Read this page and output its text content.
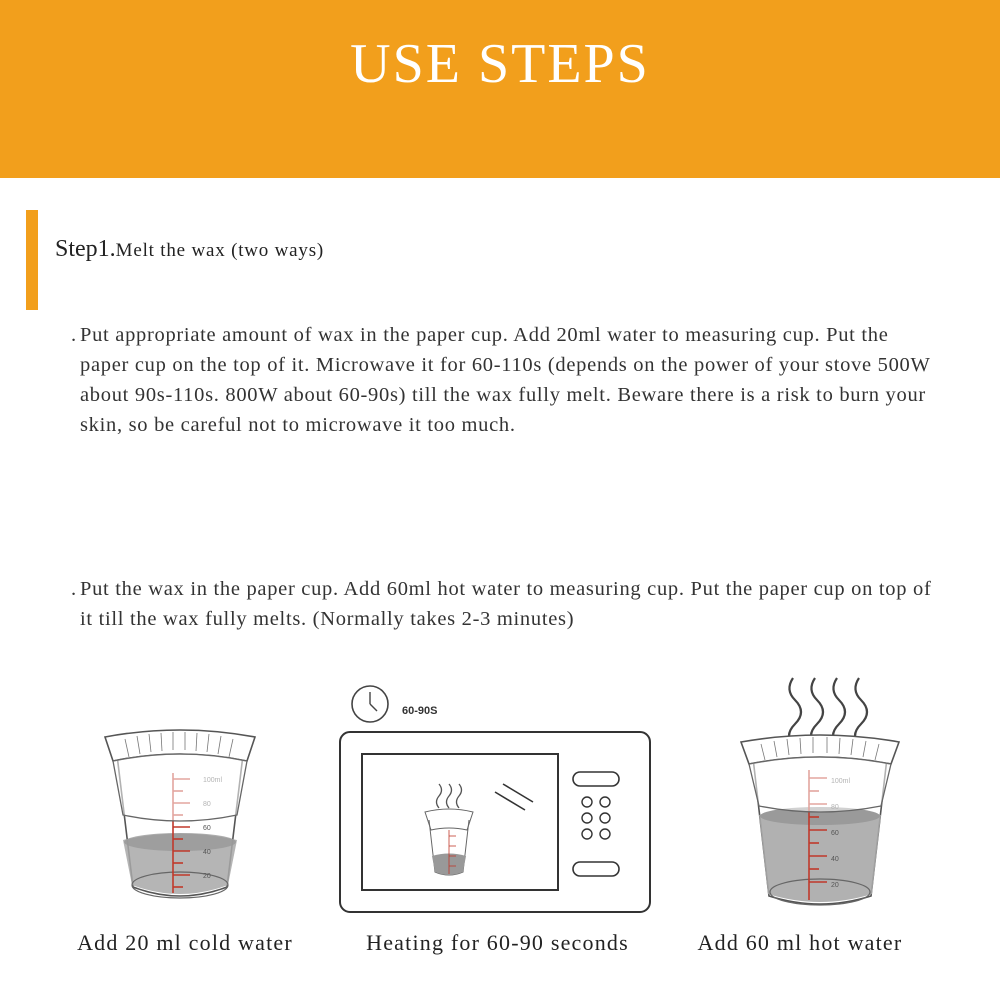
USE STEPS
Step1.Melt the wax (two ways)
. Put appropriate amount of wax in the paper cup. Add 20ml water to measuring cup. Put the paper cup on the top of it. Microwave it for 60-110s (depends on the power of your stove 500W about 90s-110s. 800W about 60-90s) till the wax fully melt. Beware there is a risk to burn your skin, so be careful not to microwave it too much.
. Put the wax in the paper cup. Add 60ml hot water to measuring cup. Put the paper cup on top of it till the wax fully melts. (Normally takes 2-3 minutes)
60
40
20
Add 20 ml cold water
60-90S
Heating for 60-90 seconds
60
40
20
Add 60 ml hot water
